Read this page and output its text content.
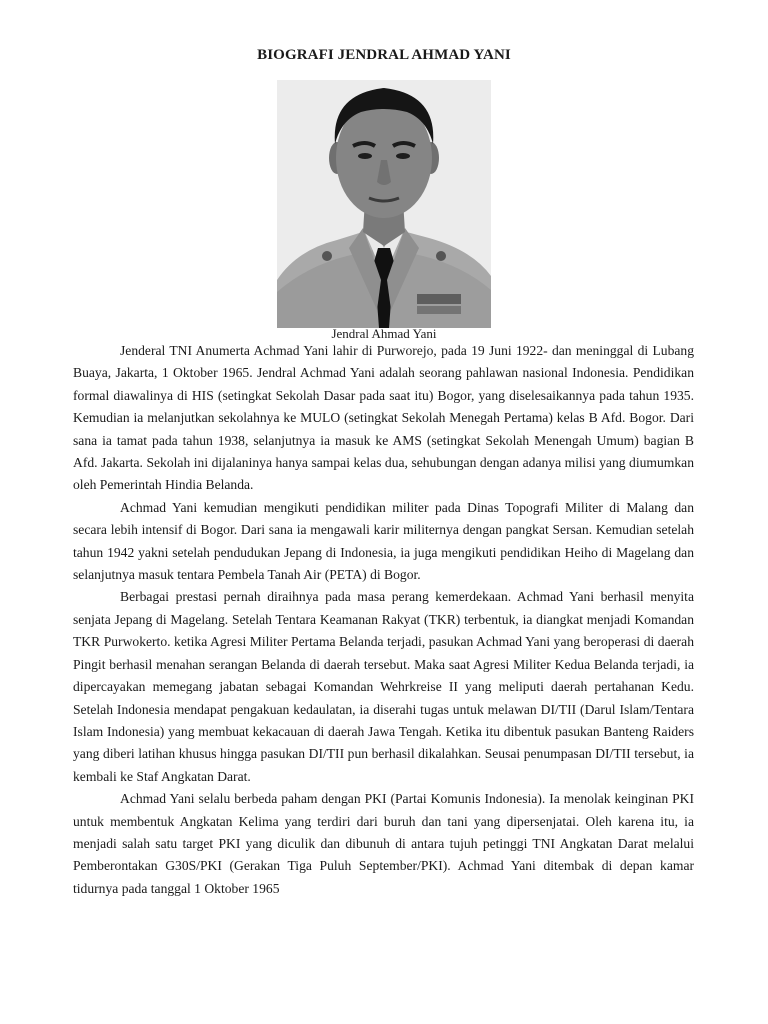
BIOGRAFI JENDRAL AHMAD YANI
Jendral Ahmad Yani

Jenderal TNI Anumerta Achmad Yani lahir di Purworejo, pada 19 Juni 1922- dan meninggal di Lubang Buaya, Jakarta, 1 Oktober 1965. Jendral Achmad Yani adalah seorang pahlawan nasional Indonesia. Pendidikan formal diawalinya di HIS (setingkat Sekolah Dasar pada saat itu) Bogor, yang diselesaikannya pada tahun 1935. Kemudian ia melanjutkan sekolahnya ke MULO (setingkat Sekolah Menegah Pertama) kelas B Afd. Bogor. Dari sana ia tamat pada tahun 1938, selanjutnya ia masuk ke AMS (setingkat Sekolah Menengah Umum) bagian B Afd. Jakarta. Sekolah ini dijalaninya hanya sampai kelas dua, sehubungan dengan adanya milisi yang diumumkan oleh Pemerintah Hindia Belanda.

Achmad Yani kemudian mengikuti pendidikan militer pada Dinas Topografi Militer di Malang dan secara lebih intensif di Bogor. Dari sana ia mengawali karir militernya dengan pangkat Sersan. Kemudian setelah tahun 1942 yakni setelah pendudukan Jepang di Indonesia, ia juga mengikuti pendidikan Heiho di Magelang dan selanjutnya masuk tentara Pembela Tanah Air (PETA) di Bogor.

Berbagai prestasi pernah diraihnya pada masa perang kemerdekaan. Achmad Yani berhasil menyita senjata Jepang di Magelang. Setelah Tentara Keamanan Rakyat (TKR) terbentuk, ia diangkat menjadi Komandan TKR Purwokerto. ketika Agresi Militer Pertama Belanda terjadi, pasukan Achmad Yani yang beroperasi di daerah Pingit berhasil menahan serangan Belanda di daerah tersebut. Maka saat Agresi Militer Kedua Belanda terjadi, ia dipercayakan memegang jabatan sebagai Komandan Wehrkreise II yang meliputi daerah pertahanan Kedu. Setelah Indonesia mendapat pengakuan kedaulatan, ia diserahi tugas untuk melawan DI/TII (Darul Islam/Tentara Islam Indonesia) yang membuat kekacauan di daerah Jawa Tengah. Ketika itu dibentuk pasukan Banteng Raiders yang diberi latihan khusus hingga pasukan DI/TII pun berhasil dikalahkan. Seusai penumpasan DI/TII tersebut, ia kembali ke Staf Angkatan Darat.

Achmad Yani selalu berbeda paham dengan PKI (Partai Komunis Indonesia). Ia menolak keinginan PKI untuk membentuk Angkatan Kelima yang terdiri dari buruh dan tani yang dipersenjatai. Oleh karena itu, ia menjadi salah satu target PKI yang diculik dan dibunuh di antara tujuh petinggi TNI Angkatan Darat melalui Pemberontakan G30S/PKI (Gerakan Tiga Puluh September/PKI). Achmad Yani ditembak di depan kamar tidurnya pada tanggal 1 Oktober 1965
